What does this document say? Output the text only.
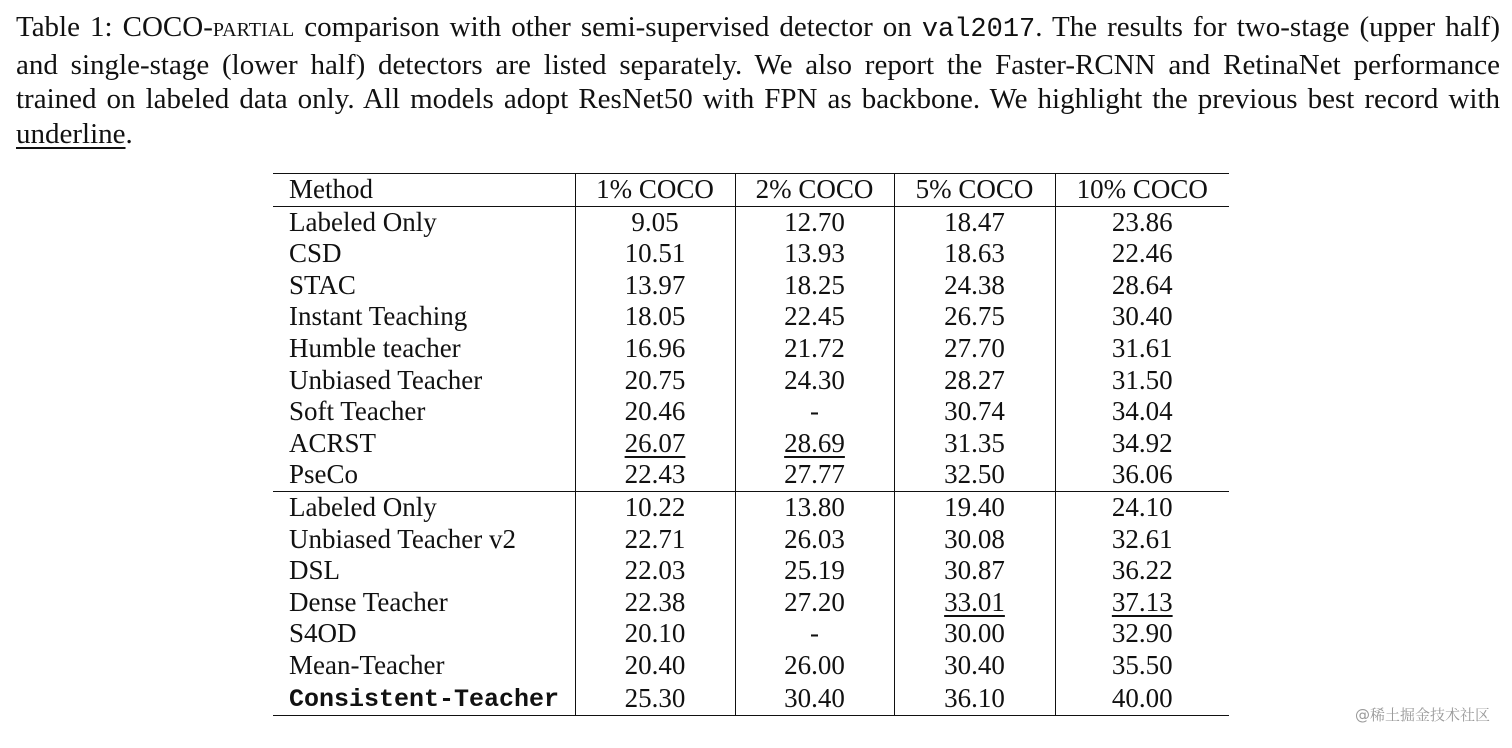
Table 1: COCO-partial comparison with other semi-supervised detector on val2017. The results for two-stage (upper half) and single-stage (lower half) detectors are listed separately. We also report the Faster-RCNN and RetinaNet performance trained on labeled data only. All models adopt ResNet50 with FPN as backbone. We highlight the previous best record with underline.
Method	1% COCO	2% COCO	5% COCO	10% COCO
Labeled Only	9.05	12.70	18.47	23.86
CSD	10.51	13.93	18.63	22.46
STAC	13.97	18.25	24.38	28.64
Instant Teaching	18.05	22.45	26.75	30.40
Humble teacher	16.96	21.72	27.70	31.61
Unbiased Teacher	20.75	24.30	28.27	31.50
Soft Teacher	20.46	-	30.74	34.04
ACRST	26.07	28.69	31.35	34.92
PseCo	22.43	27.77	32.50	36.06
Labeled Only	10.22	13.80	19.40	24.10
Unbiased Teacher v2	22.71	26.03	30.08	32.61
DSL	22.03	25.19	30.87	36.22
Dense Teacher	22.38	27.20	33.01	37.13
S4OD	20.10	-	30.00	32.90
Mean-Teacher	20.40	26.00	30.40	35.50
Consistent-Teacher	25.30	30.40	36.10	40.00
@稀土掘金技术社区
